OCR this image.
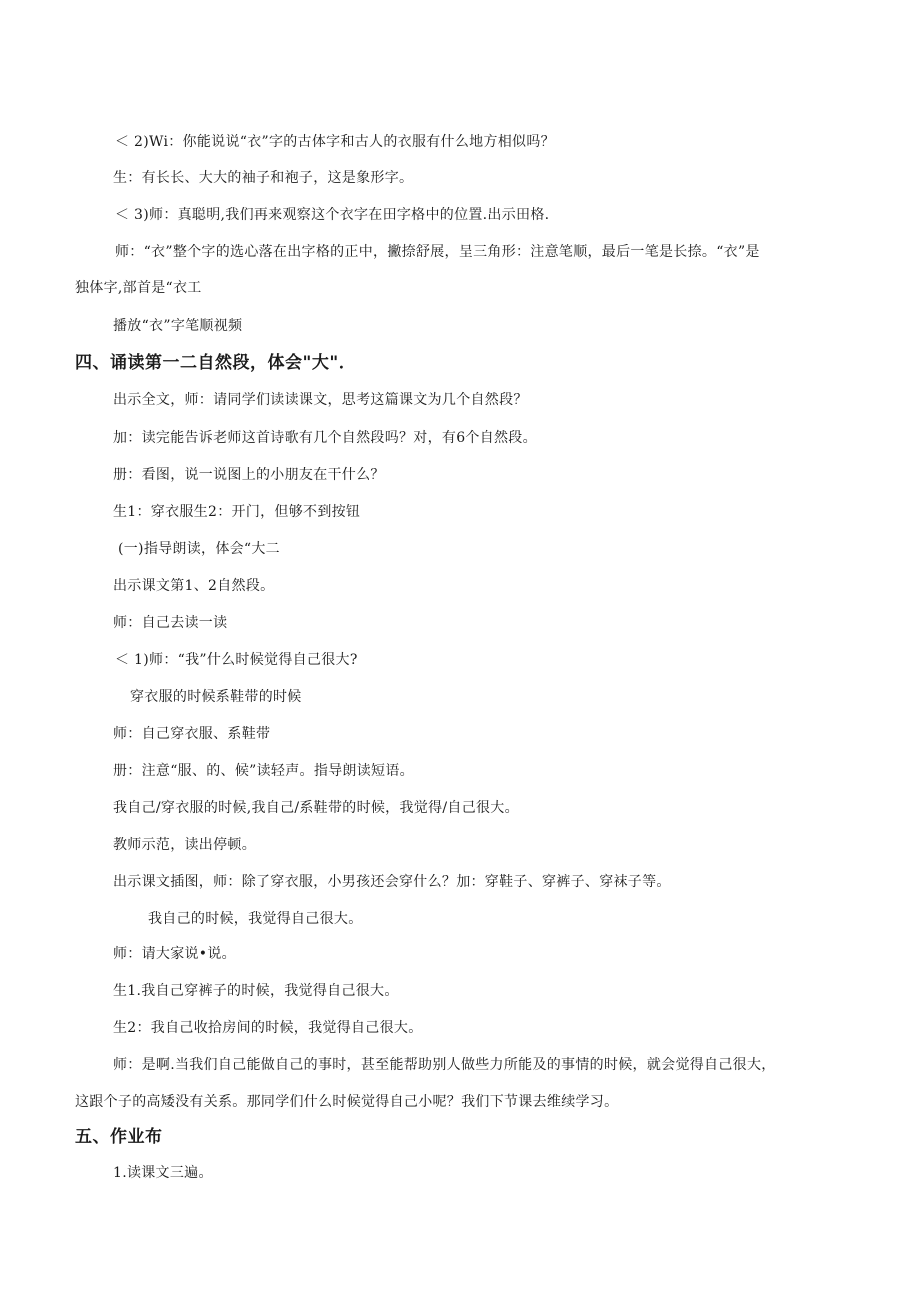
＜ 2)Wi：你能说说“衣”字的古体字和古人的衣服有什么地方相似吗？
生：有长长、大大的袖子和袍子，这是象形字。
＜ 3)师：真聪明,我们再来观察这个衣字在田字格中的位置.出示田格.
师：“衣”整个字的选心落在出字格的正中，撇捺舒展，呈三角形：注意笔顺，最后一笔是长捺。“衣”是
独体字,部首是“衣工
播放“衣”字笔顺视频
四、诵读第一二自然段，体会"大"．
出示全文，师：请同学们读读课文，思考这篇课文为几个自然段？
加：读完能告诉老师这首诗歌有几个自然段吗？对，有6个自然段。
册：看图，说一说图上的小朋友在干什么？
生1：穿衣服生2：开门，但够不到按钮
(一)指导朗读，体会“大二
出示课文第1、2自然段。
师：自己去读一读
＜ 1)师：“我”什么时候觉得自己很大?
穿衣服的时候系鞋带的时候
师：自己穿衣服、系鞋带
册：注意“服、的、候”读轻声。指导朗读短语。
我自己/穿衣服的时候,我自己/系鞋带的时候，我觉得/自己很大。
教师示范，读出停顿。
出示课文插图，师：除了穿衣服，小男孩还会穿什么？加：穿鞋子、穿裤子、穿袜子等。
我自己的时候，我觉得自己很大。
师：请大家说•说。
生1.我自己穿裤子的时候，我觉得自己很大。
生2：我自己收拾房间的时候，我觉得自己很大。
师：是啊.当我们自己能做自己的事时，甚至能帮助别人做些力所能及的事情的时候，就会觉得自己很大，
这跟个子的高矮没有关系。那同学们什么时候觉得自己小呢？我们下节课去维续学习。
五、作业布
1.读课文三遍。
